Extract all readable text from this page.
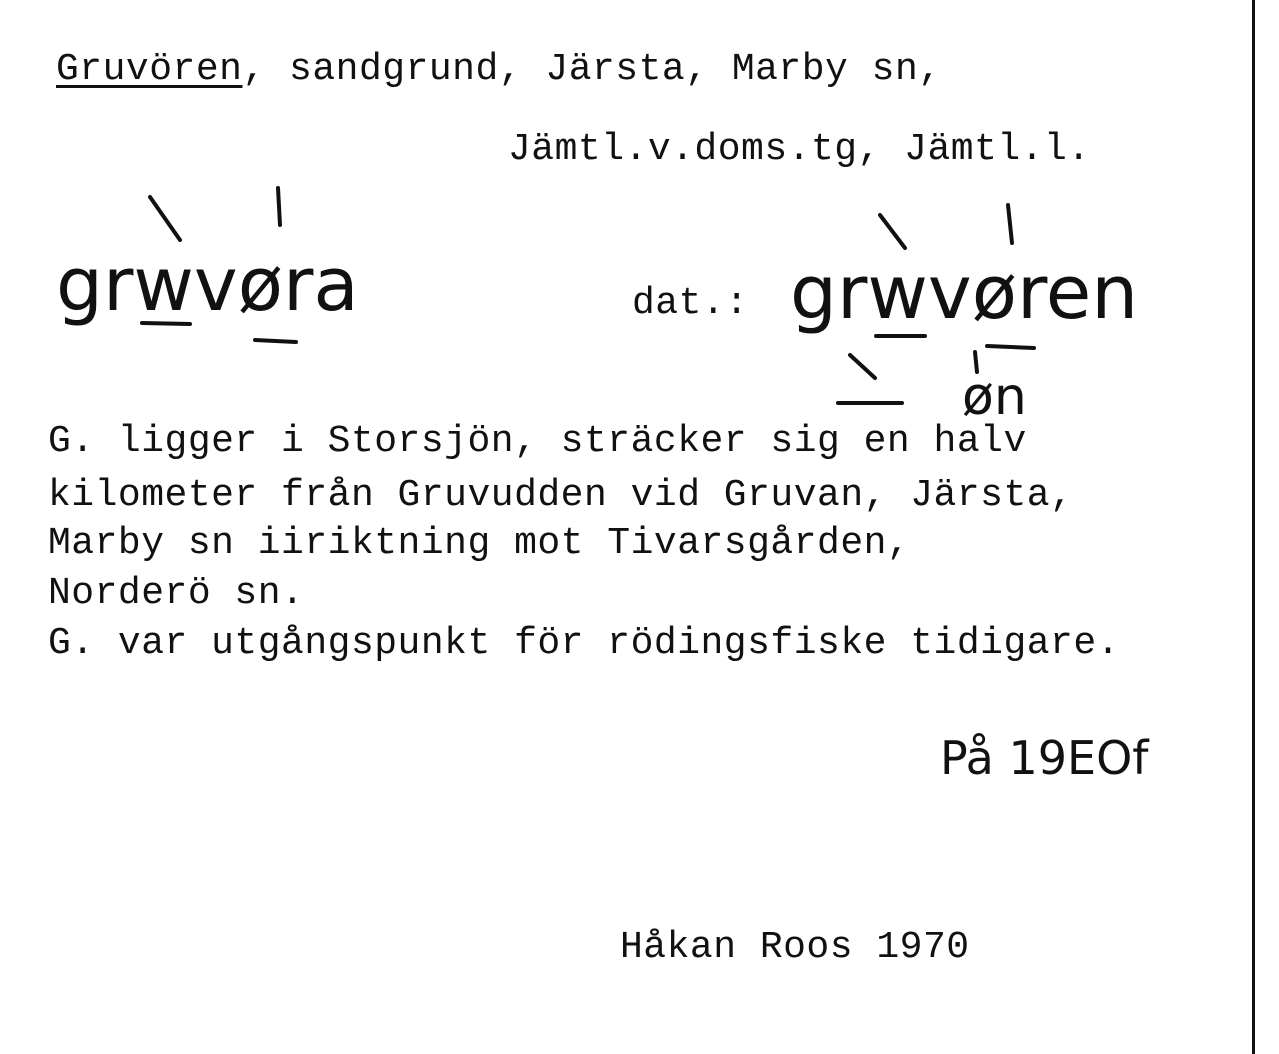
Gruvören, sandgrund, Järsta, Marby sn,
Jämtl.v.doms.tg, Jämtl.l.
grwvøra	dat.: grwvøren
øn
G. ligger i Storsjön, sträcker sig en halv
kilometer från Gruvudden vid Gruvan, Järsta,
Marby sn iiriktning mot Tivarsgården,
Norderö sn.
G. var utgångspunkt för rödingsfiske tidigare.
På 19EOf
Håkan Roos 1970
